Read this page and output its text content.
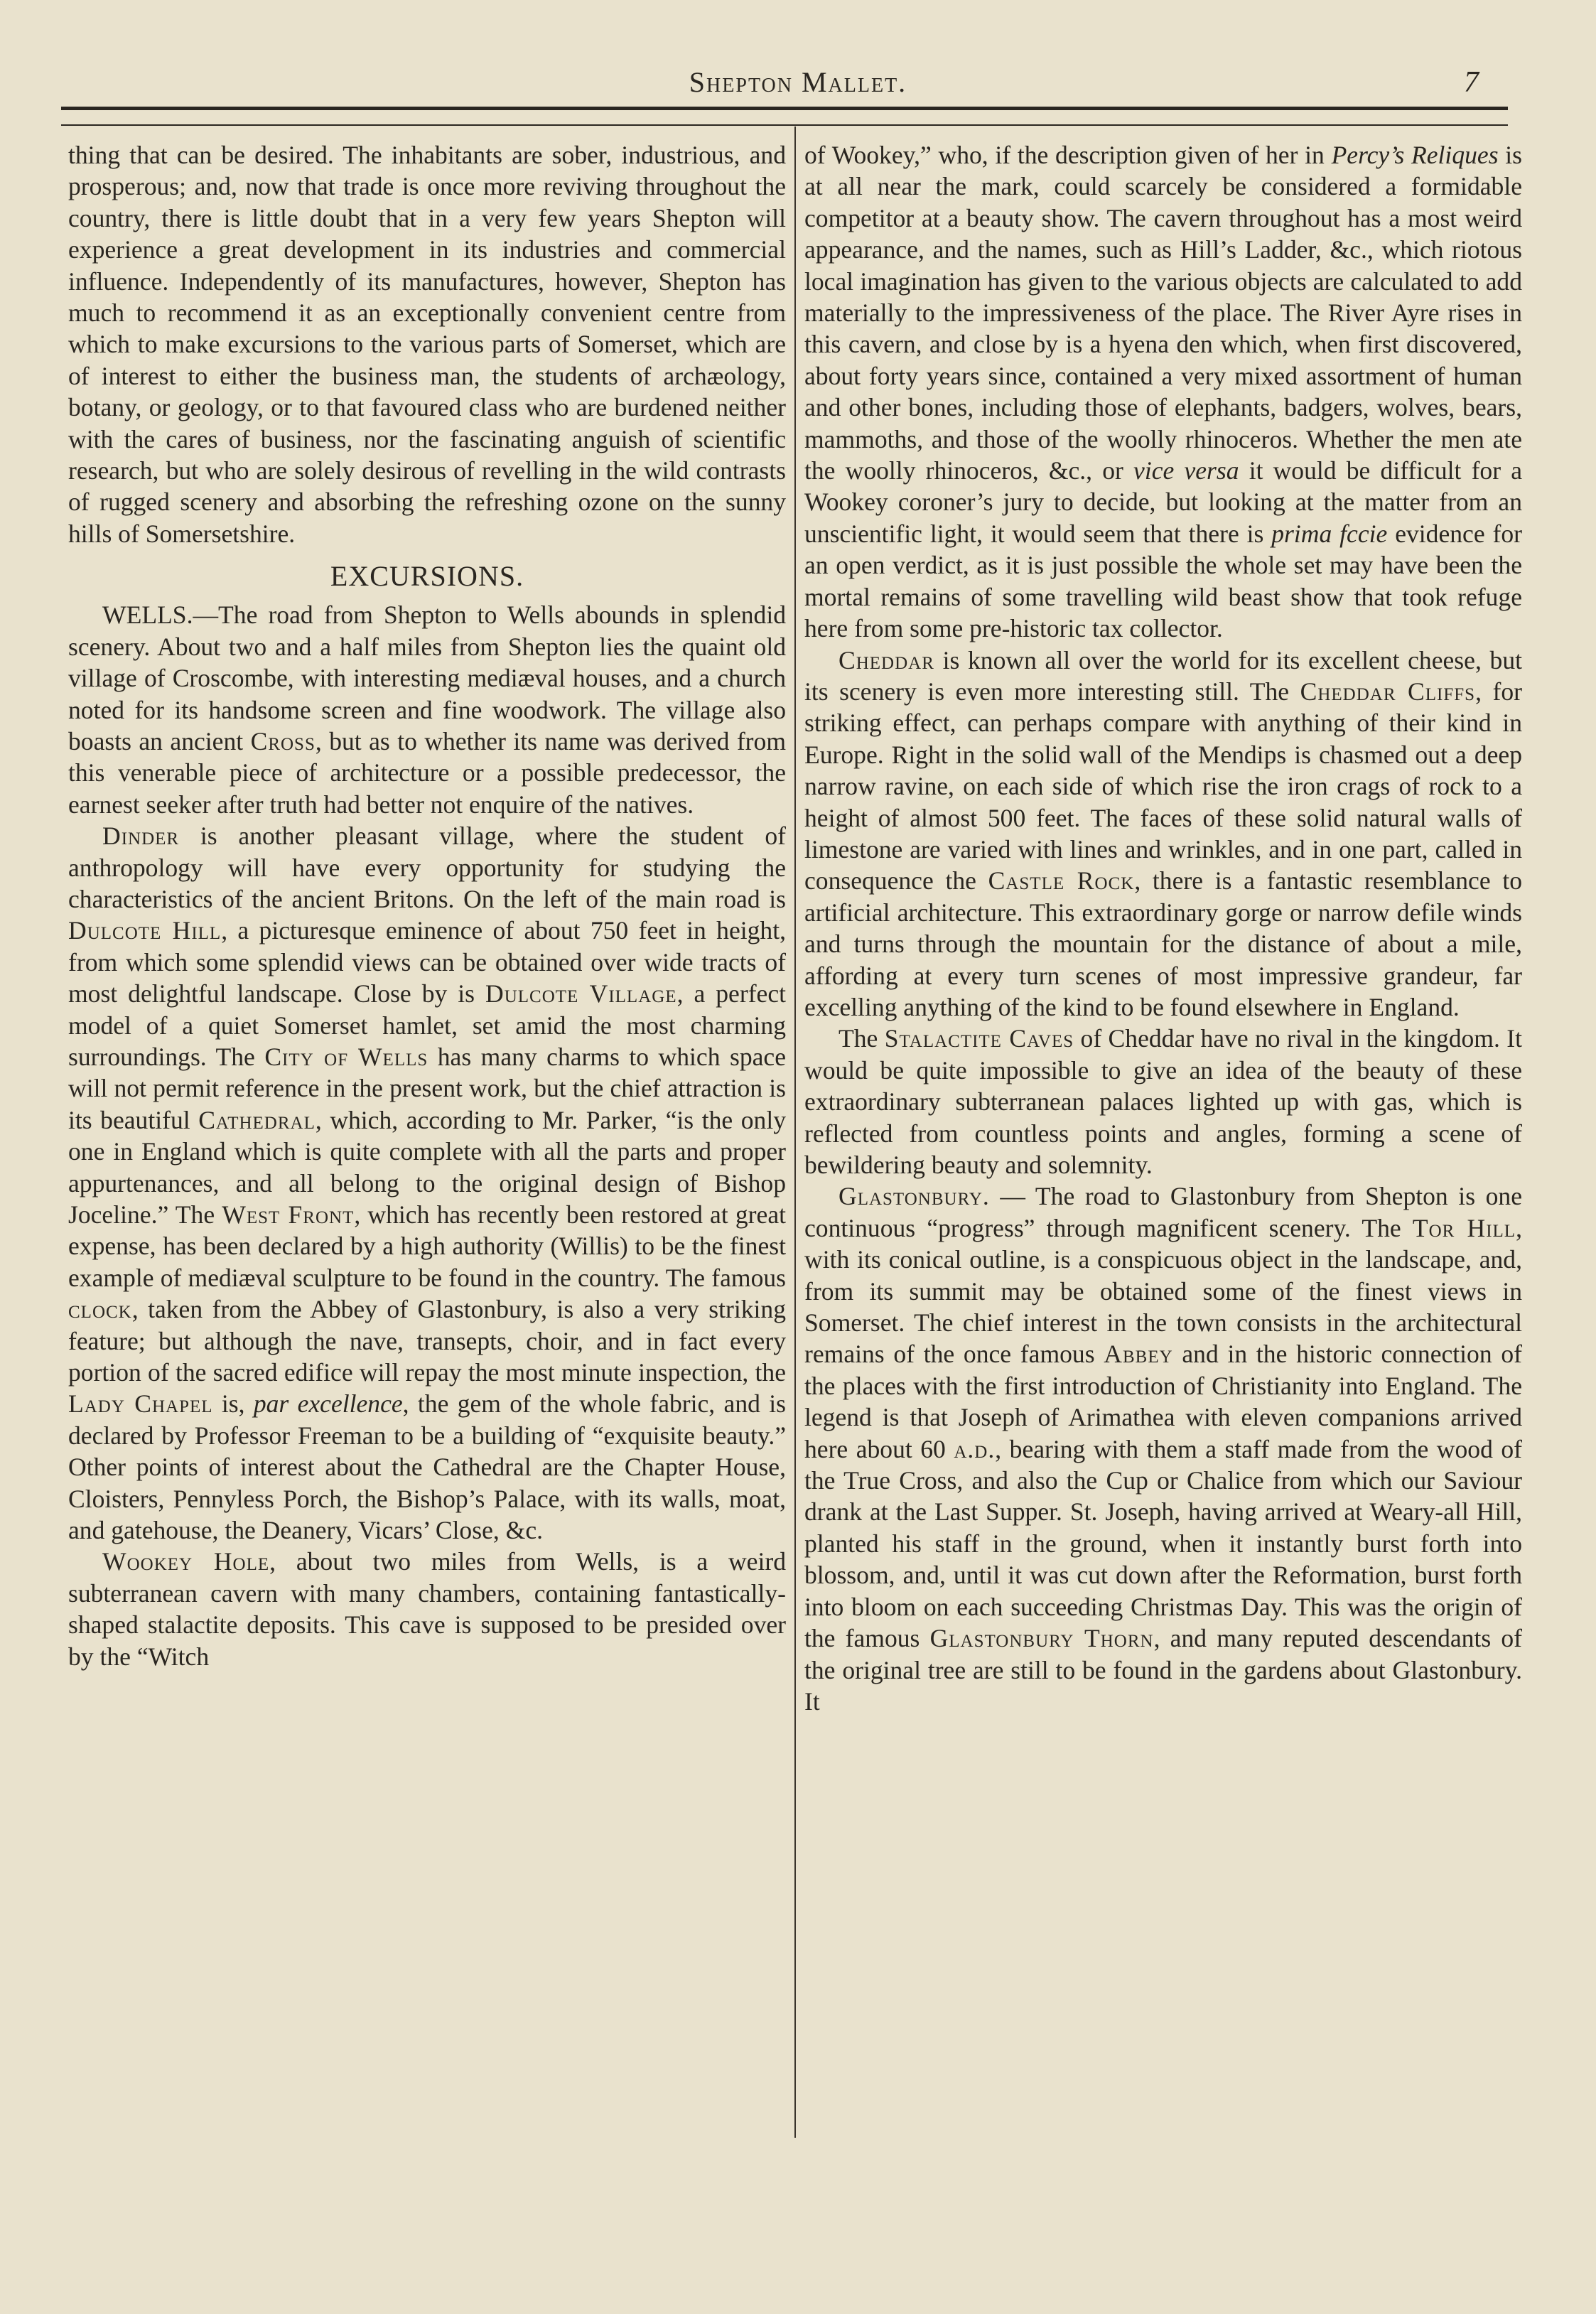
Shepton Mallet.	7

thing that can be desired. The inhabitants are sober, industrious, and prosperous; and, now that trade is once more reviving throughout the country, there is little doubt that in a very few years Shepton will experience a great development in its industries and commercial influence. Independently of its manufactures, however, Shepton has much to recommend it as an exceptionally convenient centre from which to make excursions to the various parts of Somerset, which are of interest to either the business man, the students of archæology, botany, or geology, or to that favoured class who are burdened neither with the cares of business, nor the fascinating anguish of scientific research, but who are solely desirous of revelling in the wild contrasts of rugged scenery and absorbing the refreshing ozone on the sunny hills of Somersetshire.

EXCURSIONS.

WELLS.—The road from Shepton to Wells abounds in splendid scenery. About two and a half miles from Shepton lies the quaint old village of Croscombe, with interesting mediæval houses, and a church noted for its handsome screen and fine woodwork. The village also boasts an ancient Cross, but as to whether its name was derived from this venerable piece of architecture or a possible predecessor, the earnest seeker after truth had better not enquire of the natives.

Dinder is another pleasant village, where the student of anthropology will have every opportunity for studying the characteristics of the ancient Britons. On the left of the main road is Dulcote Hill, a picturesque eminence of about 750 feet in height, from which some splendid views can be obtained over wide tracts of most delightful landscape. Close by is Dulcote Village, a perfect model of a quiet Somerset hamlet, set amid the most charming surroundings. The City of Wells has many charms to which space will not permit reference in the present work, but the chief attraction is its beautiful Cathedral, which, according to Mr. Parker, “is the only one in England which is quite complete with all the parts and proper appurtenances, and all belong to the original design of Bishop Joceline.” The West Front, which has recently been restored at great expense, has been declared by a high authority (Willis) to be the finest example of mediæval sculpture to be found in the country. The famous clock, taken from the Abbey of Glastonbury, is also a very striking feature; but although the nave, transepts, choir, and in fact every portion of the sacred edifice will repay the most minute inspection, the Lady Chapel is, par excellence, the gem of the whole fabric, and is declared by Professor Freeman to be a building of “exquisite beauty.” Other points of interest about the Cathedral are the Chapter House, Cloisters, Pennyless Porch, the Bishop’s Palace, with its walls, moat, and gatehouse, the Deanery, Vicars’ Close, &c.

Wookey Hole, about two miles from Wells, is a weird subterranean cavern with many chambers, containing fantastically-shaped stalactite deposits. This cave is supposed to be presided over by the “Witch

of Wookey,” who, if the description given of her in Percy’s Reliques is at all near the mark, could scarcely be considered a formidable competitor at a beauty show. The cavern throughout has a most weird appearance, and the names, such as Hill’s Ladder, &c., which riotous local imagination has given to the various objects are calculated to add materially to the impressiveness of the place. The River Ayre rises in this cavern, and close by is a hyena den which, when first discovered, about forty years since, contained a very mixed assortment of human and other bones, including those of elephants, badgers, wolves, bears, mammoths, and those of the woolly rhinoceros. Whether the men ate the woolly rhinoceros, &c., or vice versa it would be difficult for a Wookey coroner’s jury to decide, but looking at the matter from an unscientific light, it would seem that there is prima fccie evidence for an open verdict, as it is just possible the whole set may have been the mortal remains of some travelling wild beast show that took refuge here from some pre-historic tax collector.

Cheddar is known all over the world for its excellent cheese, but its scenery is even more interesting still. The Cheddar Cliffs, for striking effect, can perhaps compare with anything of their kind in Europe. Right in the solid wall of the Mendips is chasmed out a deep narrow ravine, on each side of which rise the iron crags of rock to a height of almost 500 feet. The faces of these solid natural walls of limestone are varied with lines and wrinkles, and in one part, called in consequence the Castle Rock, there is a fantastic resemblance to artificial architecture. This extraordinary gorge or narrow defile winds and turns through the mountain for the distance of about a mile, affording at every turn scenes of most impressive grandeur, far excelling anything of the kind to be found elsewhere in England.

The Stalactite Caves of Cheddar have no rival in the kingdom. It would be quite impossible to give an idea of the beauty of these extraordinary subterranean palaces lighted up with gas, which is reflected from countless points and angles, forming a scene of bewildering beauty and solemnity.

Glastonbury. — The road to Glastonbury from Shepton is one continuous “progress” through magnificent scenery. The Tor Hill, with its conical outline, is a conspicuous object in the landscape, and, from its summit may be obtained some of the finest views in Somerset. The chief interest in the town consists in the architectural remains of the once famous Abbey and in the historic connection of the places with the first introduction of Christianity into England. The legend is that Joseph of Arimathea with eleven companions arrived here about 60 a.d., bearing with them a staff made from the wood of the True Cross, and also the Cup or Chalice from which our Saviour drank at the Last Supper. St. Joseph, having arrived at Weary-all Hill, planted his staff in the ground, when it instantly burst forth into blossom, and, until it was cut down after the Reformation, burst forth into bloom on each succeeding Christmas Day. This was the origin of the famous Glastonbury Thorn, and many reputed descendants of the original tree are still to be found in the gardens about Glastonbury. It
